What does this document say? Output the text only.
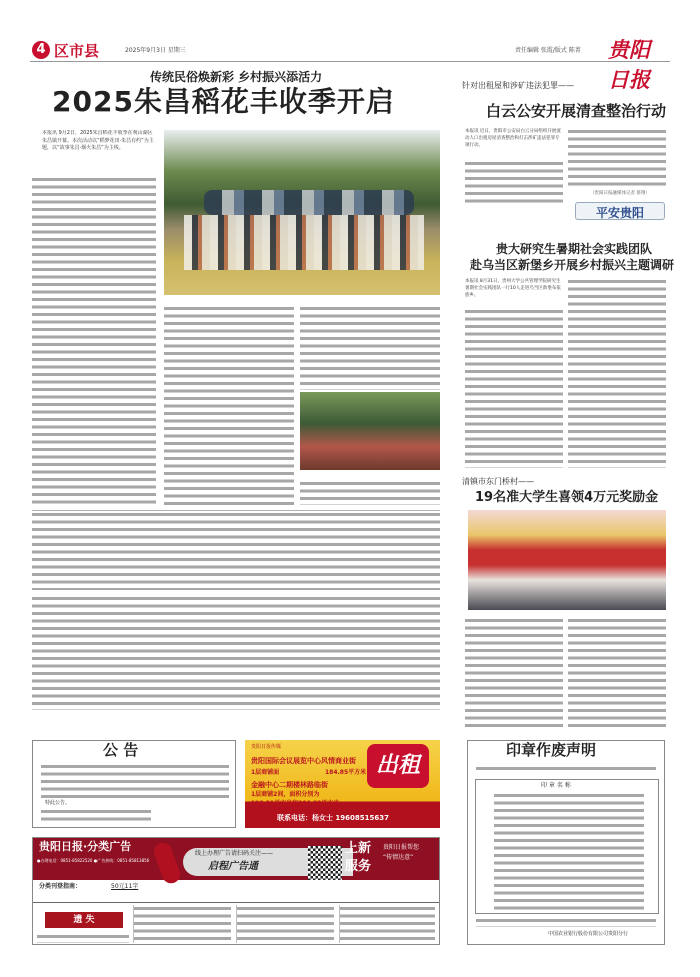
4 区市县	2025年9月3日 星期三	责任编辑 张霞/版式 陈菁 贵阳日报
传统民俗焕新彩 乡村振兴添活力
2025朱昌稻花丰收季开启
本报讯 9月2日，2025朱昌稻花丰收季在观山湖区朱昌镇开幕。本次活动以“稻梦花田·朱昌有约”为主题，以“故事朱昌·烟火朱昌”为主线。
针对出租屋和涉矿违法犯罪——
白云公安开展清查整治行动
本报讯 近日，贵阳市公安局白云分局组织开展流动人口出租房屋清查整治和打击涉矿违法犯罪专项行动。
（贵阳日报融媒体记者 蔡翔）
平安贵阳
贵大研究生暑期社会实践团队
赴乌当区新堡乡开展乡村振兴主题调研
本报讯 8月31日，贵州大学公共管理学院研究生暑期社会实践团队一行10人走进乌当区新堡布依族乡。
清镇市东门桥村——
19名准大学生喜领4万元奖励金
公 告
特此公告。
贵阳日报传媒
贵阳国际会议展览中心风情商业街
1层商铺面	184.85平方米
金融中心二期楼林路临街
1层商铺2间，面积分别为
128.31平方米和206.32平方米
出租
联系电话：杨女士 19608515637
贵阳日报·分类广告
●办理电话：0851-85822520 ●广告热线：0851-85813856
线上办理广告请扫码关注——
启程广告通
上新
服务
贵阳日报帮您
“传情达意”
分类刊登指南：	50元11字
遗 失
印章作废声明
印 章 名 称
中国农业银行股份有限公司贵阳分行
